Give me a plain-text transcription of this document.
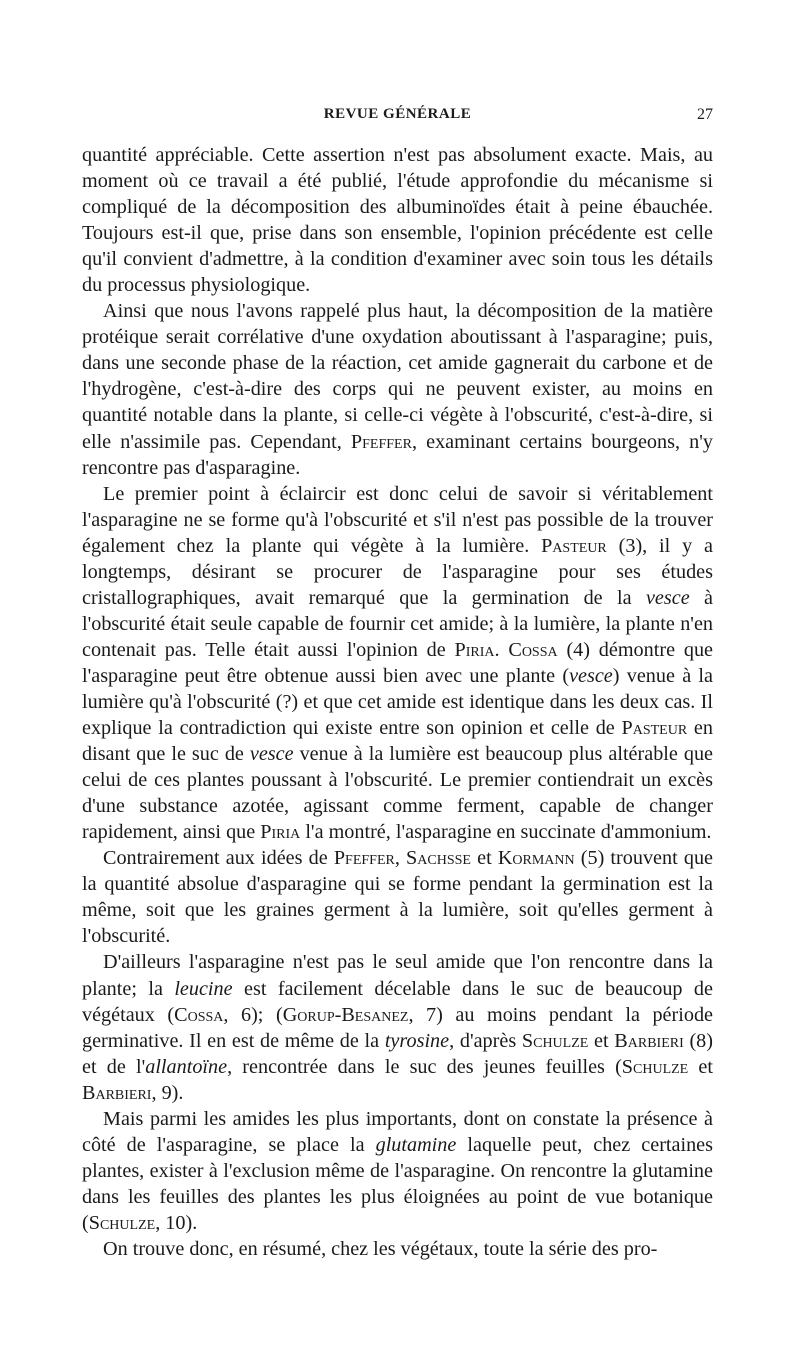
REVUE GÉNÉRALE	27

quantité appréciable. Cette assertion n'est pas absolument exacte. Mais, au moment où ce travail a été publié, l'étude approfondie du mécanisme si compliqué de la décomposition des albuminoïdes était à peine ébauchée. Toujours est-il que, prise dans son ensemble, l'opinion précédente est celle qu'il convient d'admettre, à la condition d'examiner avec soin tous les détails du processus physiologique.

Ainsi que nous l'avons rappelé plus haut, la décomposition de la matière protéique serait corrélative d'une oxydation aboutissant à l'asparagine; puis, dans une seconde phase de la réaction, cet amide gagnerait du carbone et de l'hydrogène, c'est-à-dire des corps qui ne peuvent exister, au moins en quantité notable dans la plante, si celle-ci végète à l'obscurité, c'est-à-dire, si elle n'assimile pas. Cependant, Pfeffer, examinant certains bourgeons, n'y rencontre pas d'asparagine.

Le premier point à éclaircir est donc celui de savoir si véritablement l'asparagine ne se forme qu'à l'obscurité et s'il n'est pas possible de la trouver également chez la plante qui végète à la lumière. Pasteur (3), il y a longtemps, désirant se procurer de l'asparagine pour ses études cristallographiques, avait remarqué que la germination de la vesce à l'obscurité était seule capable de fournir cet amide; à la lumière, la plante n'en contenait pas. Telle était aussi l'opinion de Piria. Cossa (4) démontre que l'asparagine peut être obtenue aussi bien avec une plante (vesce) venue à la lumière qu'à l'obscurité (?) et que cet amide est identique dans les deux cas. Il explique la contradiction qui existe entre son opinion et celle de Pasteur en disant que le suc de vesce venue à la lumière est beaucoup plus altérable que celui de ces plantes poussant à l'obscurité. Le premier contiendrait un excès d'une substance azotée, agissant comme ferment, capable de changer rapidement, ainsi que Piria l'a montré, l'asparagine en succinate d'ammonium.

Contrairement aux idées de Pfeffer, Sachsse et Kormann (5) trouvent que la quantité absolue d'asparagine qui se forme pendant la germination est la même, soit que les graines germent à la lumière, soit qu'elles germent à l'obscurité.

D'ailleurs l'asparagine n'est pas le seul amide que l'on rencontre dans la plante; la leucine est facilement décelable dans le suc de beaucoup de végétaux (Cossa, 6); (Gorup-Besanez, 7) au moins pendant la période germinative. Il en est de même de la tyrosine, d'après Schulze et Barbieri (8) et de l'allantoïne, rencontrée dans le suc des jeunes feuilles (Schulze et Barbieri, 9).

Mais parmi les amides les plus importants, dont on constate la présence à côté de l'asparagine, se place la glutamine laquelle peut, chez certaines plantes, exister à l'exclusion même de l'asparagine. On rencontre la glutamine dans les feuilles des plantes les plus éloignées au point de vue botanique (Schulze, 10).

On trouve donc, en résumé, chez les végétaux, toute la série des pro-
